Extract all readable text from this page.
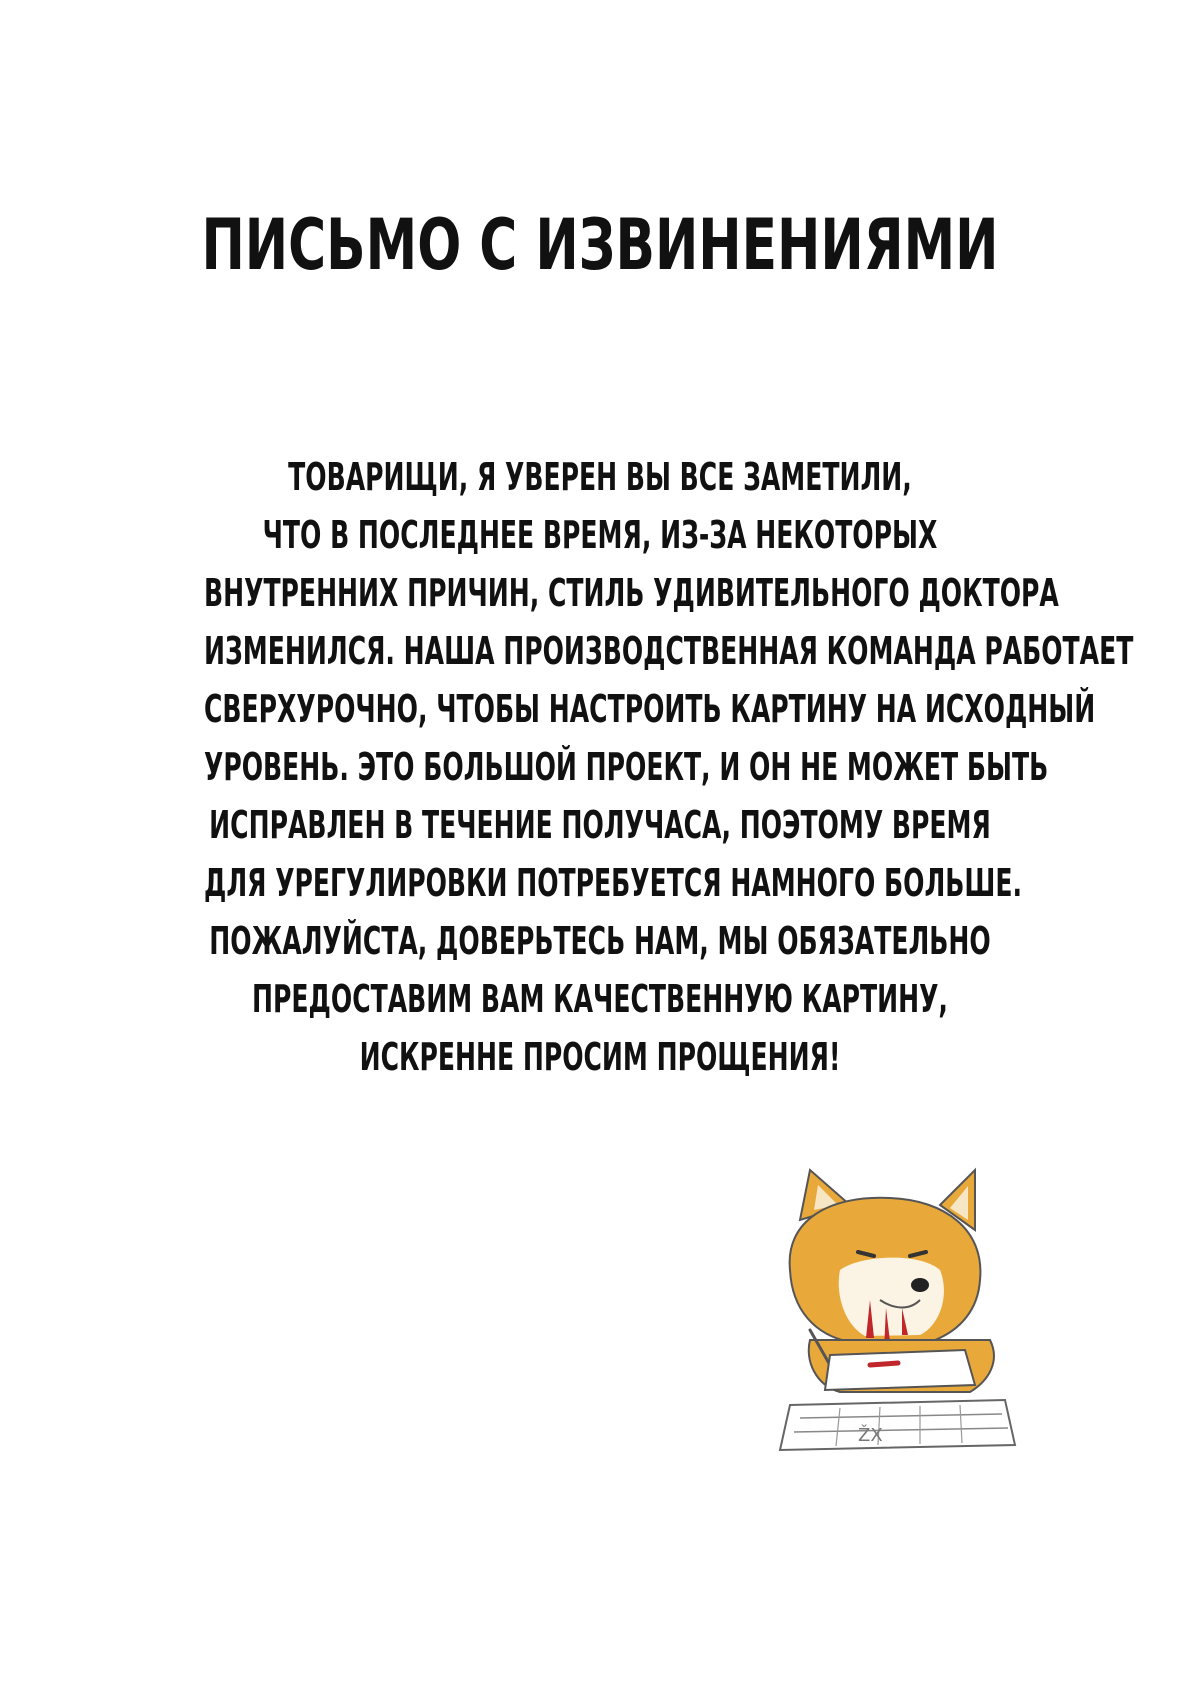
ПИСЬМО С ИЗВИНЕНИЯМИ
ТОВАРИЩИ, Я УВЕРЕН ВЫ ВСЕ ЗАМЕТИЛИ,
ЧТО В ПОСЛЕДНЕЕ ВРЕМЯ, ИЗ-ЗА НЕКОТОРЫХ
ВНУТРЕННИХ ПРИЧИН, СТИЛЬ УДИВИТЕЛЬНОГО ДОКТОРА
ИЗМЕНИЛСЯ. НАША ПРОИЗВОДСТВЕННАЯ КОМАНДА РАБОТАЕТ
СВЕРХУРОЧНО, ЧТОБЫ НАСТРОИТЬ КАРТИНУ НА ИСХОДНЫЙ
УРОВЕНЬ. ЭТО БОЛЬШОЙ ПРОЕКТ, И ОН НЕ МОЖЕТ БЫТЬ
ИСПРАВЛЕН В ТЕЧЕНИЕ ПОЛУЧАСА, ПОЭТОМУ ВРЕМЯ
ДЛЯ УРЕГУЛИРОВКИ ПОТРЕБУЕТСЯ НАМНОГО БОЛЬШЕ.
ПОЖАЛУЙСТА, ДОВЕРЬТЕСЬ НАМ, МЫ ОБЯЗАТЕЛЬНО
ПРЕДОСТАВИМ ВАМ КАЧЕСТВЕННУЮ КАРТИНУ,
ИСКРЕННЕ ПРОСИМ ПРОЩЕНИЯ!
ŽX
